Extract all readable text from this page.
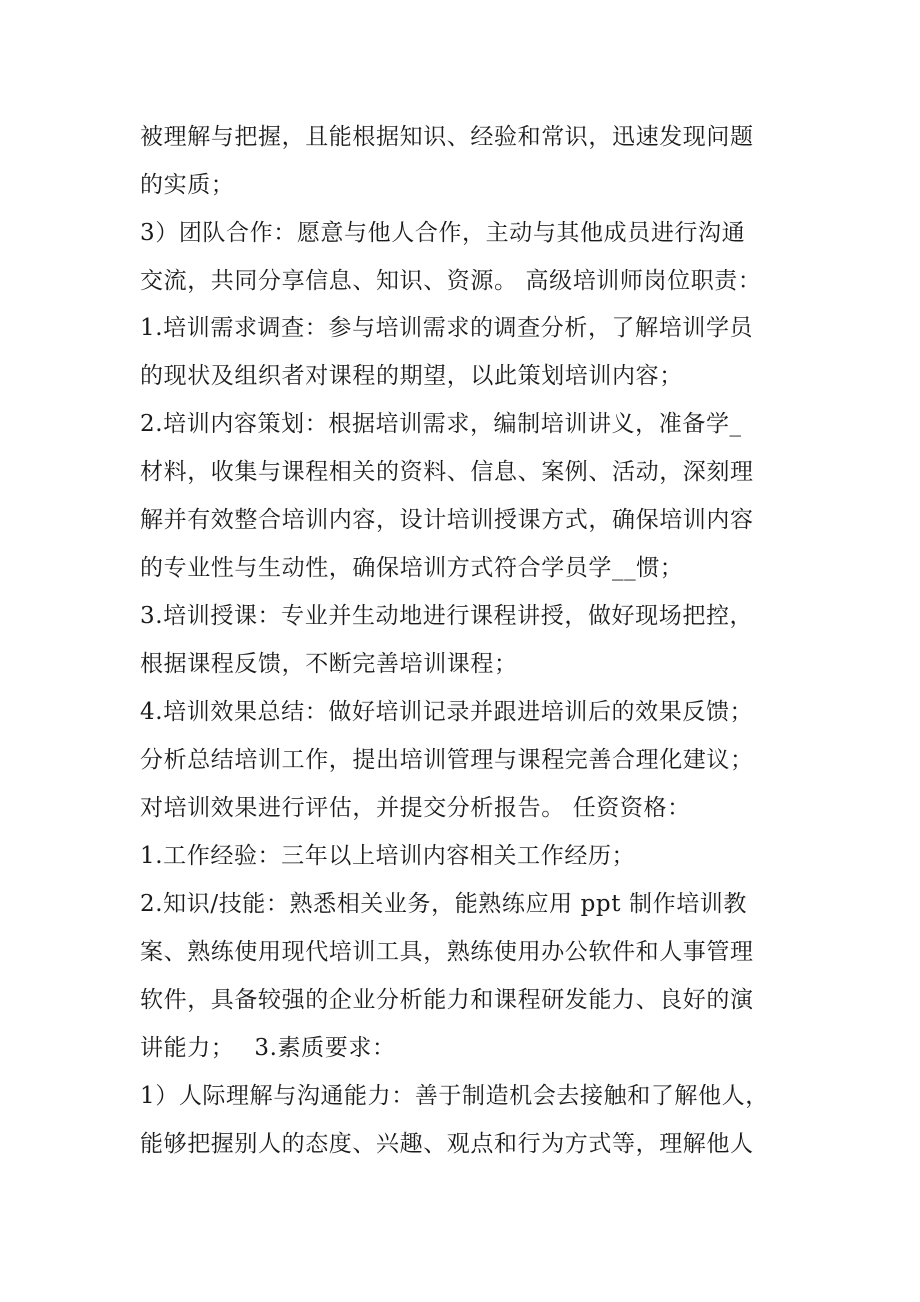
被理解与把握，且能根据知识、经验和常识，迅速发现问题
的实质；
3）团队合作：愿意与他人合作，主动与其他成员进行沟通
交流，共同分享信息、知识、资源。 高级培训师岗位职责：
1.培训需求调查：参与培训需求的调查分析，了解培训学员
的现状及组织者对课程的期望，以此策划培训内容；
2.培训内容策划：根据培训需求，编制培训讲义，准备学_
材料，收集与课程相关的资料、信息、案例、活动，深刻理
解并有效整合培训内容，设计培训授课方式，确保培训内容
的专业性与生动性，确保培训方式符合学员学__惯；
3.培训授课：专业并生动地进行课程讲授，做好现场把控，
根据课程反馈，不断完善培训课程；
4.培训效果总结：做好培训记录并跟进培训后的效果反馈；
分析总结培训工作，提出培训管理与课程完善合理化建议；
对培训效果进行评估，并提交分析报告。 任资资格：
1.工作经验：三年以上培训内容相关工作经历；
2.知识/技能：熟悉相关业务，能熟练应用 ppt 制作培训教
案、熟练使用现代培训工具，熟练使用办公软件和人事管理
软件，具备较强的企业分析能力和课程研发能力、良好的演
讲能力；　 3.素质要求：
1）人际理解与沟通能力：善于制造机会去接触和了解他人，
能够把握别人的态度、兴趣、观点和行为方式等，理解他人
